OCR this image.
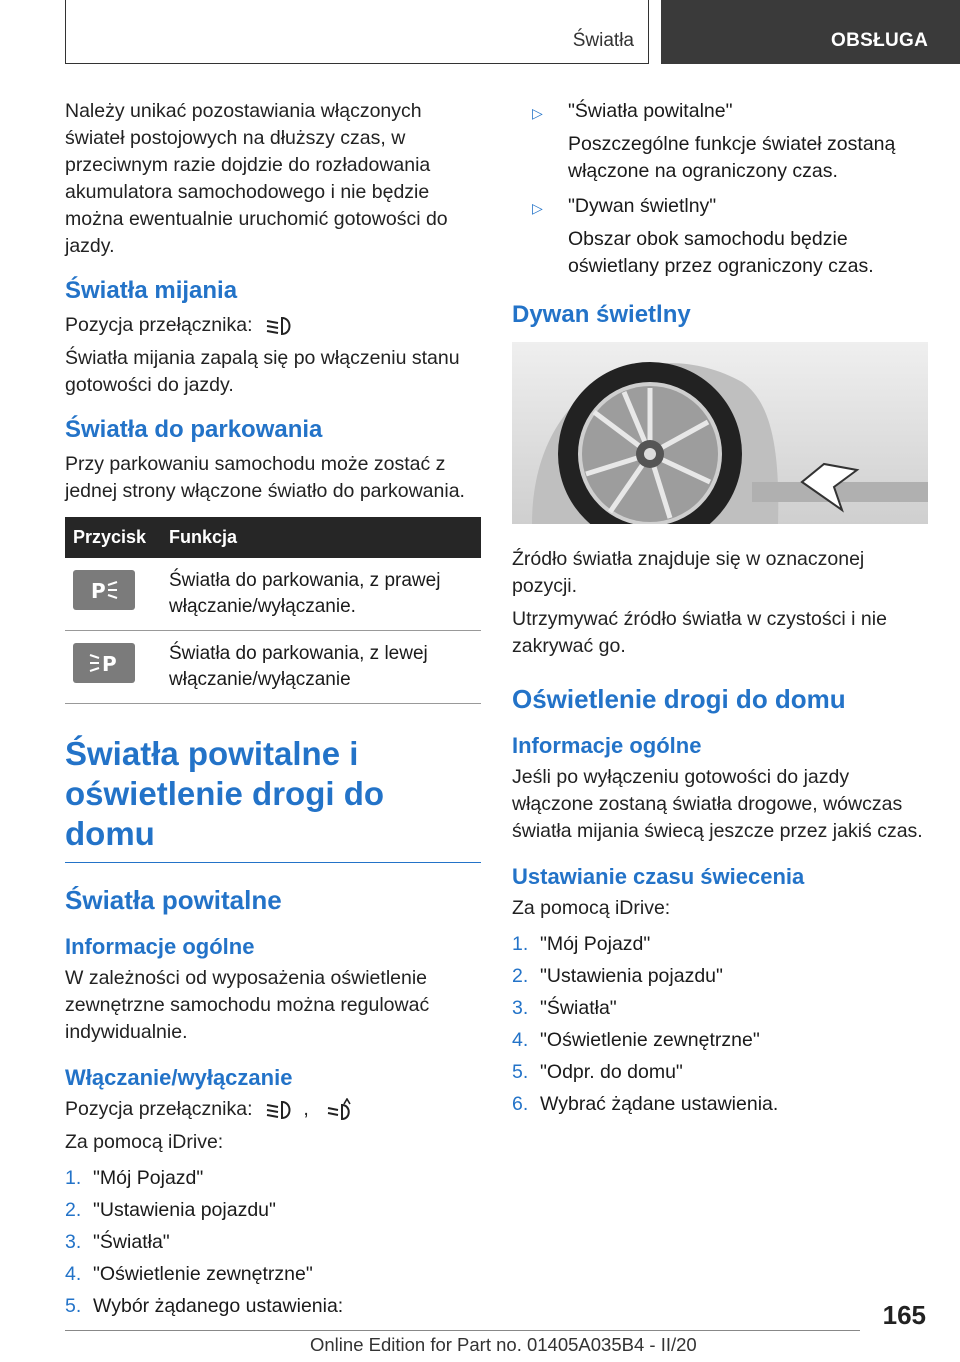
Światła	OBSŁUGA

Należy unikać pozostawiania włączonych świateł postojowych na dłuższy czas, w przeciwnym razie dojdzie do rozładowania akumulatora samochodowego i nie będzie można ewentualnie uruchomić gotowości do jazdy.

Światła mijania

Pozycja przełącznika:

Światła mijania zapalą się po włączeniu stanu gotowości do jazdy.

Światła do parkowania

Przy parkowaniu samochodu może zostać z jednej strony włączone światło do parkowania.

Przycisk	Funkcja

P	Światła do parkowania, z prawej włączanie/wyłączanie.

P	Światła do parkowania, z lewej włączanie/wyłączanie
Światła powitalne i
oświetlenie drogi do domu
Światła powitalne
Informacje ogólne

W zależności od wyposażenia oświetlenie zewnętrzne samochodu można regulować indywidualnie.

Włączanie/wyłączanie

Pozycja przełącznika:	,

Za pomocą iDrive:

1. "Mój Pojazd"
2. "Ustawienia pojazdu"
3. "Światła"
4. "Oświetlenie zewnętrzne"
5. Wybór żądanego ustawienia:
▷	"Światła powitalne"

Poszczególne funkcje świateł zostaną włączone na ograniczony czas.

▷	"Dywan świetlny"

Obszar obok samochodu będzie oświetlany przez ograniczony czas.

Dywan świetlny

Źródło światła znajduje się w oznaczonej pozycji.

Utrzymywać źródło światła w czystości i nie zakrywać go.

Oświetlenie drogi do domu
Informacje ogólne

Jeśli po wyłączeniu gotowości do jazdy włączone zostaną światła drogowe, wówczas światła mijania świecą jeszcze przez jakiś czas.

Ustawianie czasu świecenia

Za pomocą iDrive:

1. "Mój Pojazd"
2. "Ustawienia pojazdu"
3. "Światła"
4. "Oświetlenie zewnętrzne"
5. "Odpr. do domu"
6. Wybrać żądane ustawienia.
165
Online Edition for Part no. 01405A035B4 - II/20
